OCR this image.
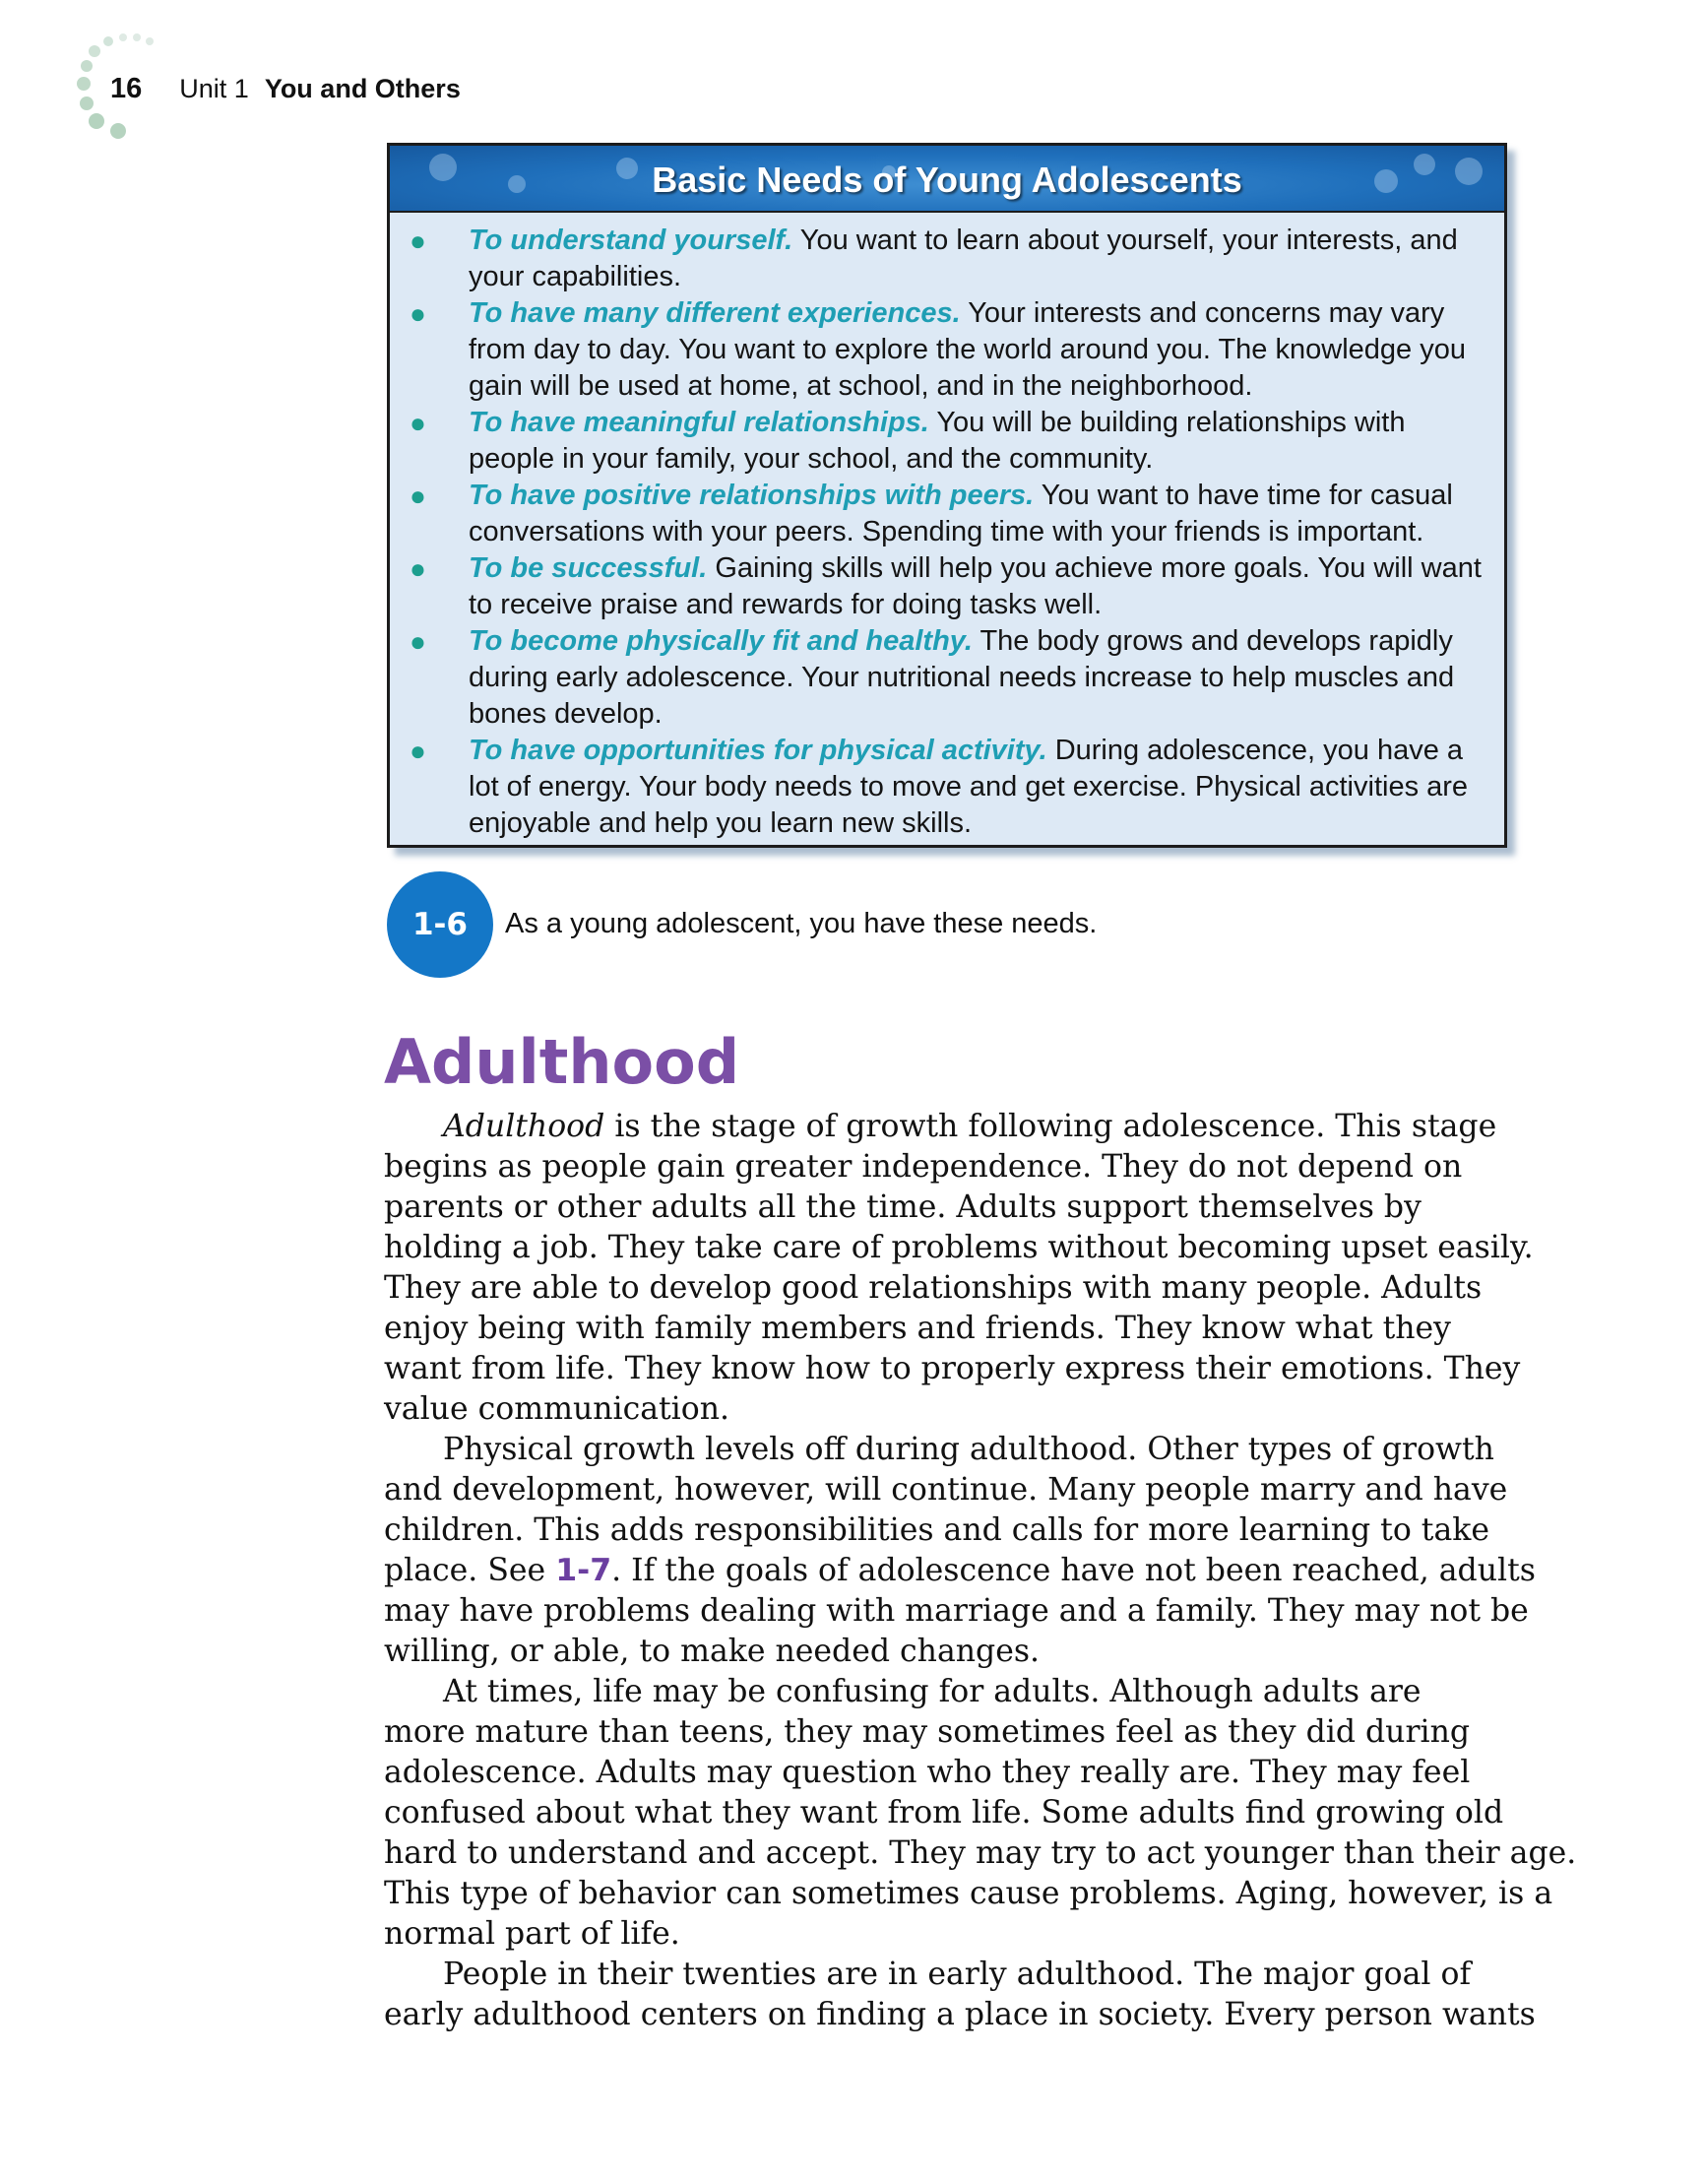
16 Unit 1 You and Others
Basic Needs of Young Adolescents
● To understand yourself. You want to learn about yourself, your interests, and your capabilities.
● To have many different experiences. Your interests and concerns may vary from day to day. You want to explore the world around you. The knowledge you gain will be used at home, at school, and in the neighborhood.
● To have meaningful relationships. You will be building relationships with people in your family, your school, and the community.
● To have positive relationships with peers. You want to have time for casual conversations with your peers. Spending time with your friends is important.
● To be successful. Gaining skills will help you achieve more goals. You will want to receive praise and rewards for doing tasks well.
● To become physically fit and healthy. The body grows and develops rapidly during early adolescence. Your nutritional needs increase to help muscles and bones develop.
● To have opportunities for physical activity. During adolescence, you have a lot of energy. Your body needs to move and get exercise. Physical activities are enjoyable and help you learn new skills.
1-6	As a young adolescent, you have these needs.
Adulthood

Adulthood is the stage of growth following adolescence. This stage
begins as people gain greater independence. They do not depend on
parents or other adults all the time. Adults support themselves by
holding a job. They take care of problems without becoming upset easily.
They are able to develop good relationships with many people. Adults
enjoy being with family members and friends. They know what they
want from life. They know how to properly express their emotions. They
value communication.

Physical growth levels off during adulthood. Other types of growth
and development, however, will continue. Many people marry and have
children. This adds responsibilities and calls for more learning to take
place. See 1-7. If the goals of adolescence have not been reached, adults
may have problems dealing with marriage and a family. They may not be
willing, or able, to make needed changes.

At times, life may be confusing for adults. Although adults are
more mature than teens, they may sometimes feel as they did during
adolescence. Adults may question who they really are. They may feel
confused about what they want from life. Some adults find growing old
hard to understand and accept. They may try to act younger than their age.
This type of behavior can sometimes cause problems. Aging, however, is a
normal part of life.

People in their twenties are in early adulthood. The major goal of
early adulthood centers on finding a place in society. Every person wants
